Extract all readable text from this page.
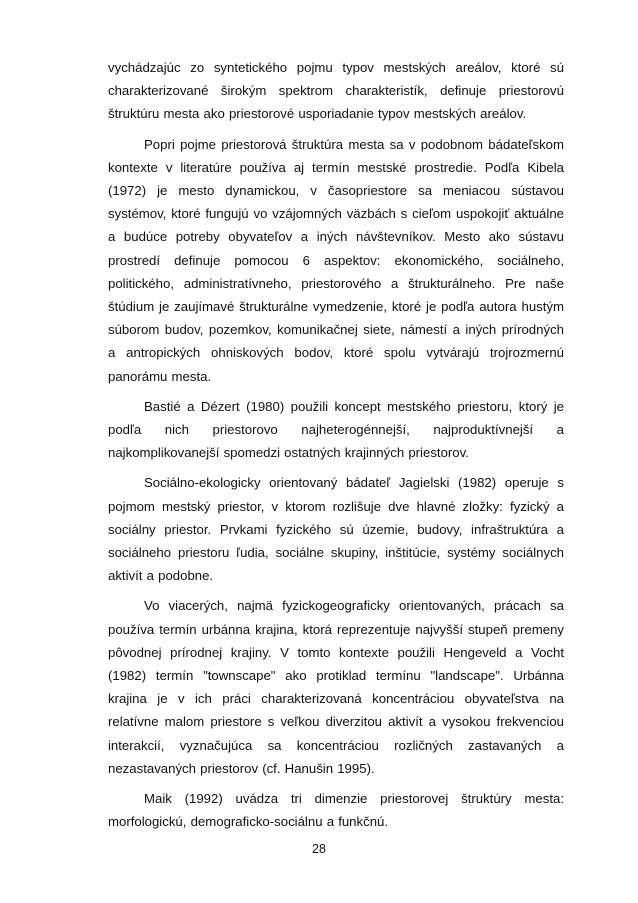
vychádzajúc zo syntetického pojmu typov mestských areálov, ktoré sú charakterizované širokým spektrom charakteristík, definuje priestorovú štruktúru mesta ako priestorové usporiadanie typov mestských areálov.

Popri pojme priestorová štruktúra mesta sa v podobnom bádateľskom kontexte v literatúre používa aj termín mestské prostredie. Podľa Kibela (1972) je mesto dynamickou, v časopriestore sa meniacou sústavou systémov, ktoré fungujú vo vzájomných väzbách s cieľom uspokojiť aktuálne a budúce potreby obyvateľov a iných návštevníkov. Mesto ako sústavu prostredí definuje pomocou 6 aspektov: ekonomického, sociálneho, politického, administratívneho, priestorového a štrukturálneho. Pre naše štúdium je zaujímavé štrukturálne vymedzenie, ktoré je podľa autora hustým súborom budov, pozemkov, komunikačnej siete, námestí a iných prírodných a antropických ohniskových bodov, ktoré spolu vytvárajú trojrozmernú panorámu mesta.

Bastié a Dézert (1980) použili koncept mestského priestoru, ktorý je podľa nich priestorovo najheterogénnejší, najproduktívnejší a najkomplikovanejší spomedzi ostatných krajinných priestorov.

Sociálno-ekologicky orientovaný bádateľ Jagielski (1982) operuje s pojmom mestský priestor, v ktorom rozlišuje dve hlavné zložky: fyzický a sociálny priestor. Prvkami fyzického sú územie, budovy, infraštruktúra a sociálneho priestoru ľudia, sociálne skupiny, inštitúcie, systémy sociálnych aktivít a podobne.

Vo viacerých, najmä fyzickogeograficky orientovaných, prácach sa používa termín urbánna krajina, ktorá reprezentuje najvyšší stupeň premeny pôvodnej prírodnej krajiny. V tomto kontexte použili Hengeveld a Vocht (1982) termín "townscape" ako protiklad termínu "landscape". Urbánna krajina je v ich práci charakterizovaná koncentráciou obyvateľstva na relatívne malom priestore s veľkou diverzitou aktivít a vysokou frekvenciou interakcií, vyznačujúca sa koncentráciou rozličných zastavaných a nezastavaných priestorov (cf. Hanušin 1995).

Maik (1992) uvádza tri dimenzie priestorovej štruktúry mesta: morfologickú, demograficko-sociálnu a funkčnú.

28
